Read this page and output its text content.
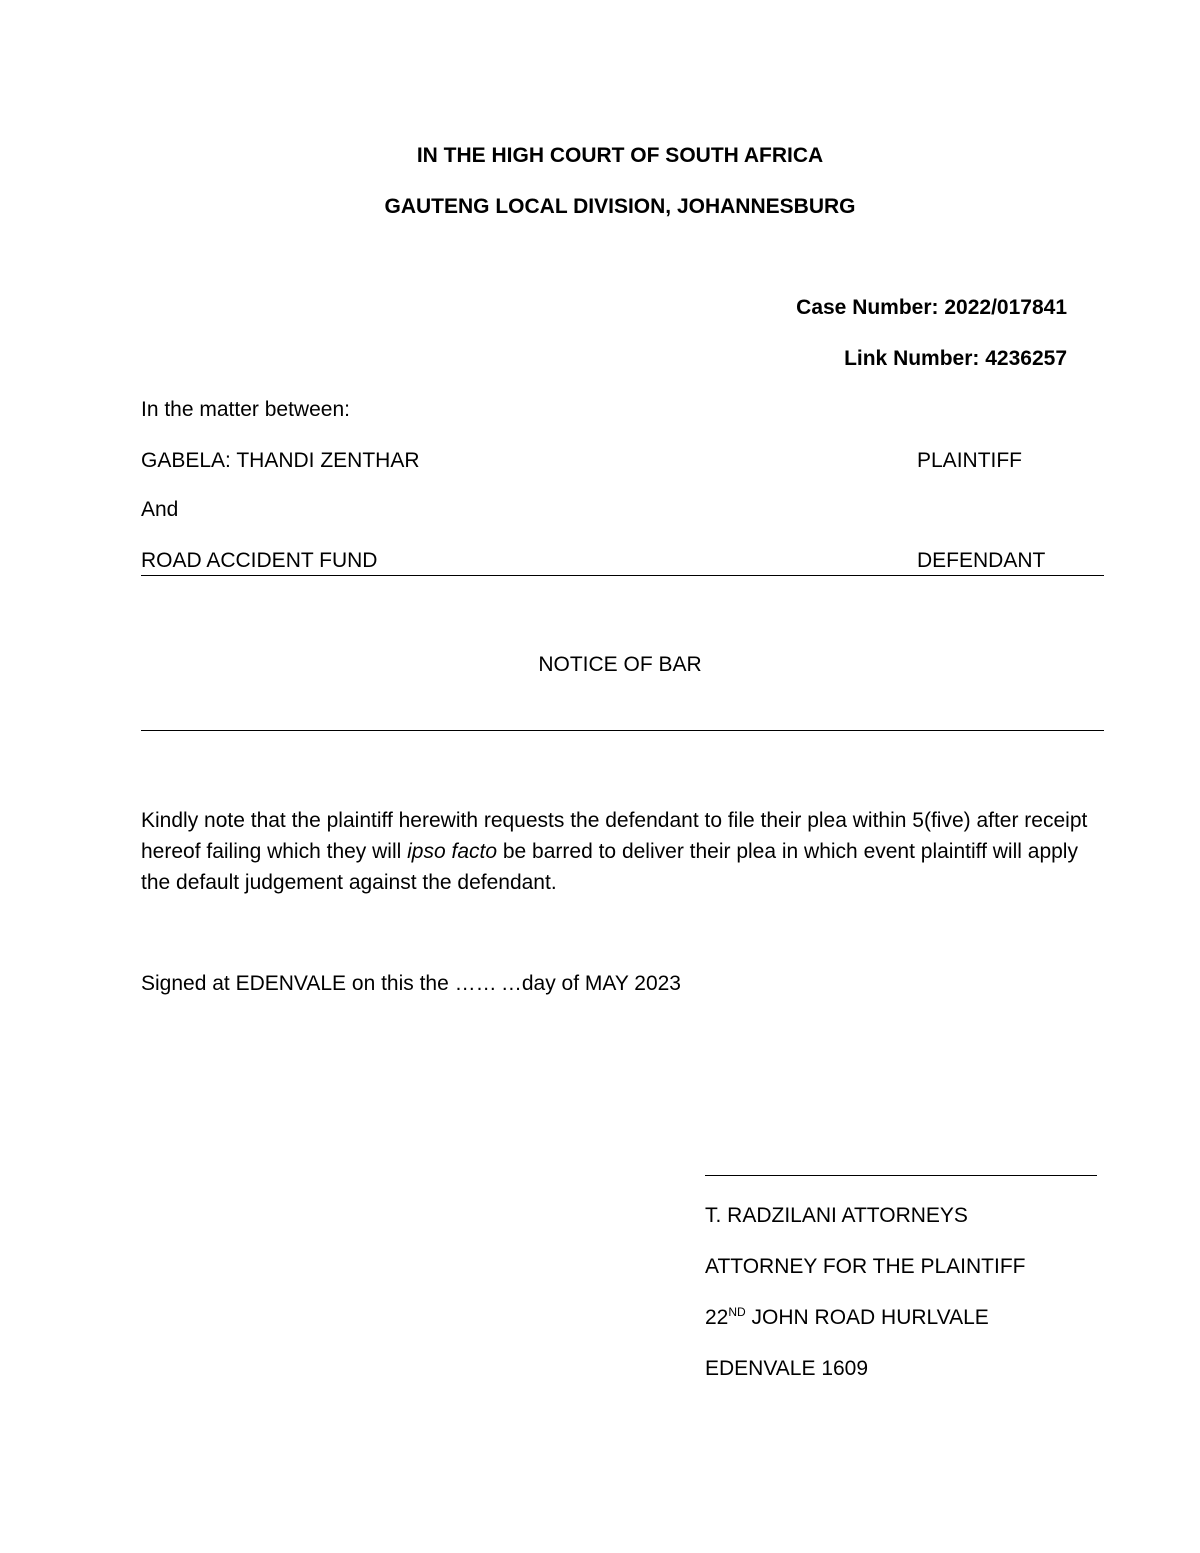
IN THE HIGH COURT OF SOUTH AFRICA
GAUTENG LOCAL DIVISION, JOHANNESBURG
Case Number: 2022/017841
Link Number: 4236257
In the matter between:
GABELA: THANDI ZENTHAR	PLAINTIFF
And
ROAD ACCIDENT FUND	DEFENDANT
NOTICE OF BAR
Kindly note that the plaintiff herewith requests the defendant to file their plea within 5(five) after receipt hereof failing which they will ipso facto be barred to deliver their plea in which event plaintiff will apply the default judgement against the defendant.
Signed at EDENVALE on this the …… …day of MAY 2023
T. RADZILANI ATTORNEYS
ATTORNEY FOR THE PLAINTIFF
22ND JOHN ROAD HURLVALE
EDENVALE 1609
